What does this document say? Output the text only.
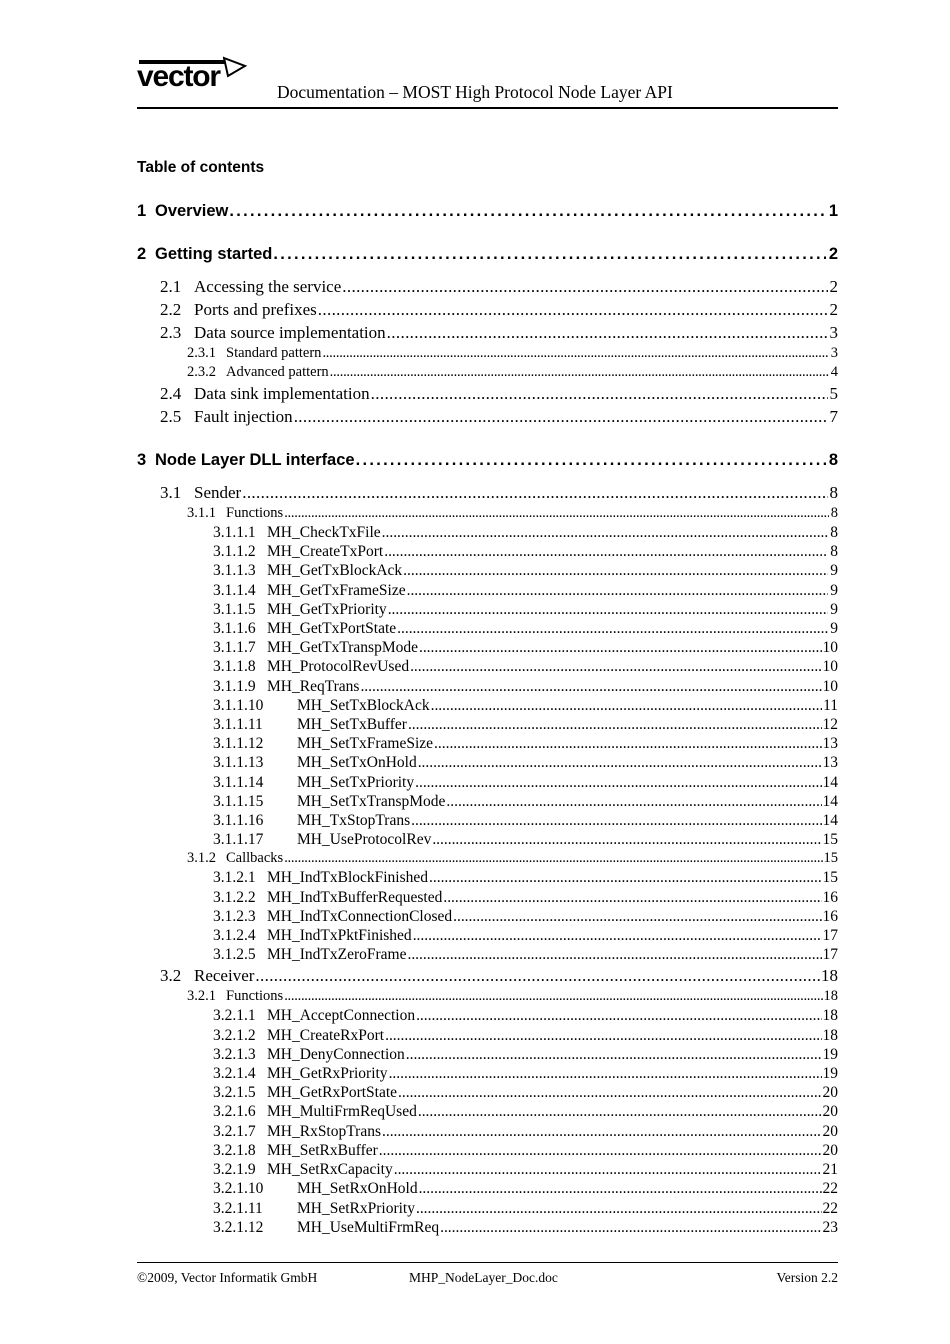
vector	Documentation – MOST High Protocol Node Layer API
Table of contents
1 Overview . . .	1
2 Getting started . . .	2
2.1 Accessing the service . . .	2
2.2 Ports and prefixes . . .	2
2.3 Data source implementation . . .	3
2.3.1 Standard pattern . . .	3
2.3.2 Advanced pattern . . .	4
2.4 Data sink implementation . . .	5
2.5 Fault injection . . .	7
3 Node Layer DLL interface . . .	8
3.1 Sender . . .	8
3.1.1 Functions . . .	8
3.1.1.1 MH_CheckTxFile . . .	8
3.1.1.2 MH_CreateTxPort . . .	8
3.1.1.3 MH_GetTxBlockAck . . .	9
3.1.1.4 MH_GetTxFrameSize . . .	9
3.1.1.5 MH_GetTxPriority . . .	9
3.1.1.6 MH_GetTxPortState . . .	9
3.1.1.7 MH_GetTxTranspMode . . .	10
3.1.1.8 MH_ProtocolRevUsed . . .	10
3.1.1.9 MH_ReqTrans . . .	10
3.1.1.10	MH_SetTxBlockAck . . .	11
3.1.1.11	MH_SetTxBuffer . . .	12
3.1.1.12	MH_SetTxFrameSize . . .	13
3.1.1.13	MH_SetTxOnHold . . .	13
3.1.1.14	MH_SetTxPriority . . .	14
3.1.1.15	MH_SetTxTranspMode . . .	14
3.1.1.16	MH_TxStopTrans . . .	14
3.1.1.17	MH_UseProtocolRev . . .	15
3.1.2 Callbacks . . .	15
3.1.2.1 MH_IndTxBlockFinished . . .	15
3.1.2.2 MH_IndTxBufferRequested . . .	16
3.1.2.3 MH_IndTxConnectionClosed . . .	16
3.1.2.4 MH_IndTxPktFinished . . .	17
3.1.2.5 MH_IndTxZeroFrame . . .	17
3.2 Receiver . . .	18
3.2.1 Functions . . .	18
3.2.1.1 MH_AcceptConnection . . .	18
3.2.1.2 MH_CreateRxPort . . .	18
3.2.1.3 MH_DenyConnection . . .	19
3.2.1.4 MH_GetRxPriority . . .	19
3.2.1.5 MH_GetRxPortState . . .	20
3.2.1.6 MH_MultiFrmReqUsed . . .	20
3.2.1.7 MH_RxStopTrans . . .	20
3.2.1.8 MH_SetRxBuffer . . .	20
3.2.1.9 MH_SetRxCapacity . . .	21
3.2.1.10	MH_SetRxOnHold . . .	22
3.2.1.11	MH_SetRxPriority . . .	22
3.2.1.12	MH_UseMultiFrmReq . . .	23
©2009, Vector Informatik GmbH	MHP_NodeLayer_Doc.doc	Version 2.2
